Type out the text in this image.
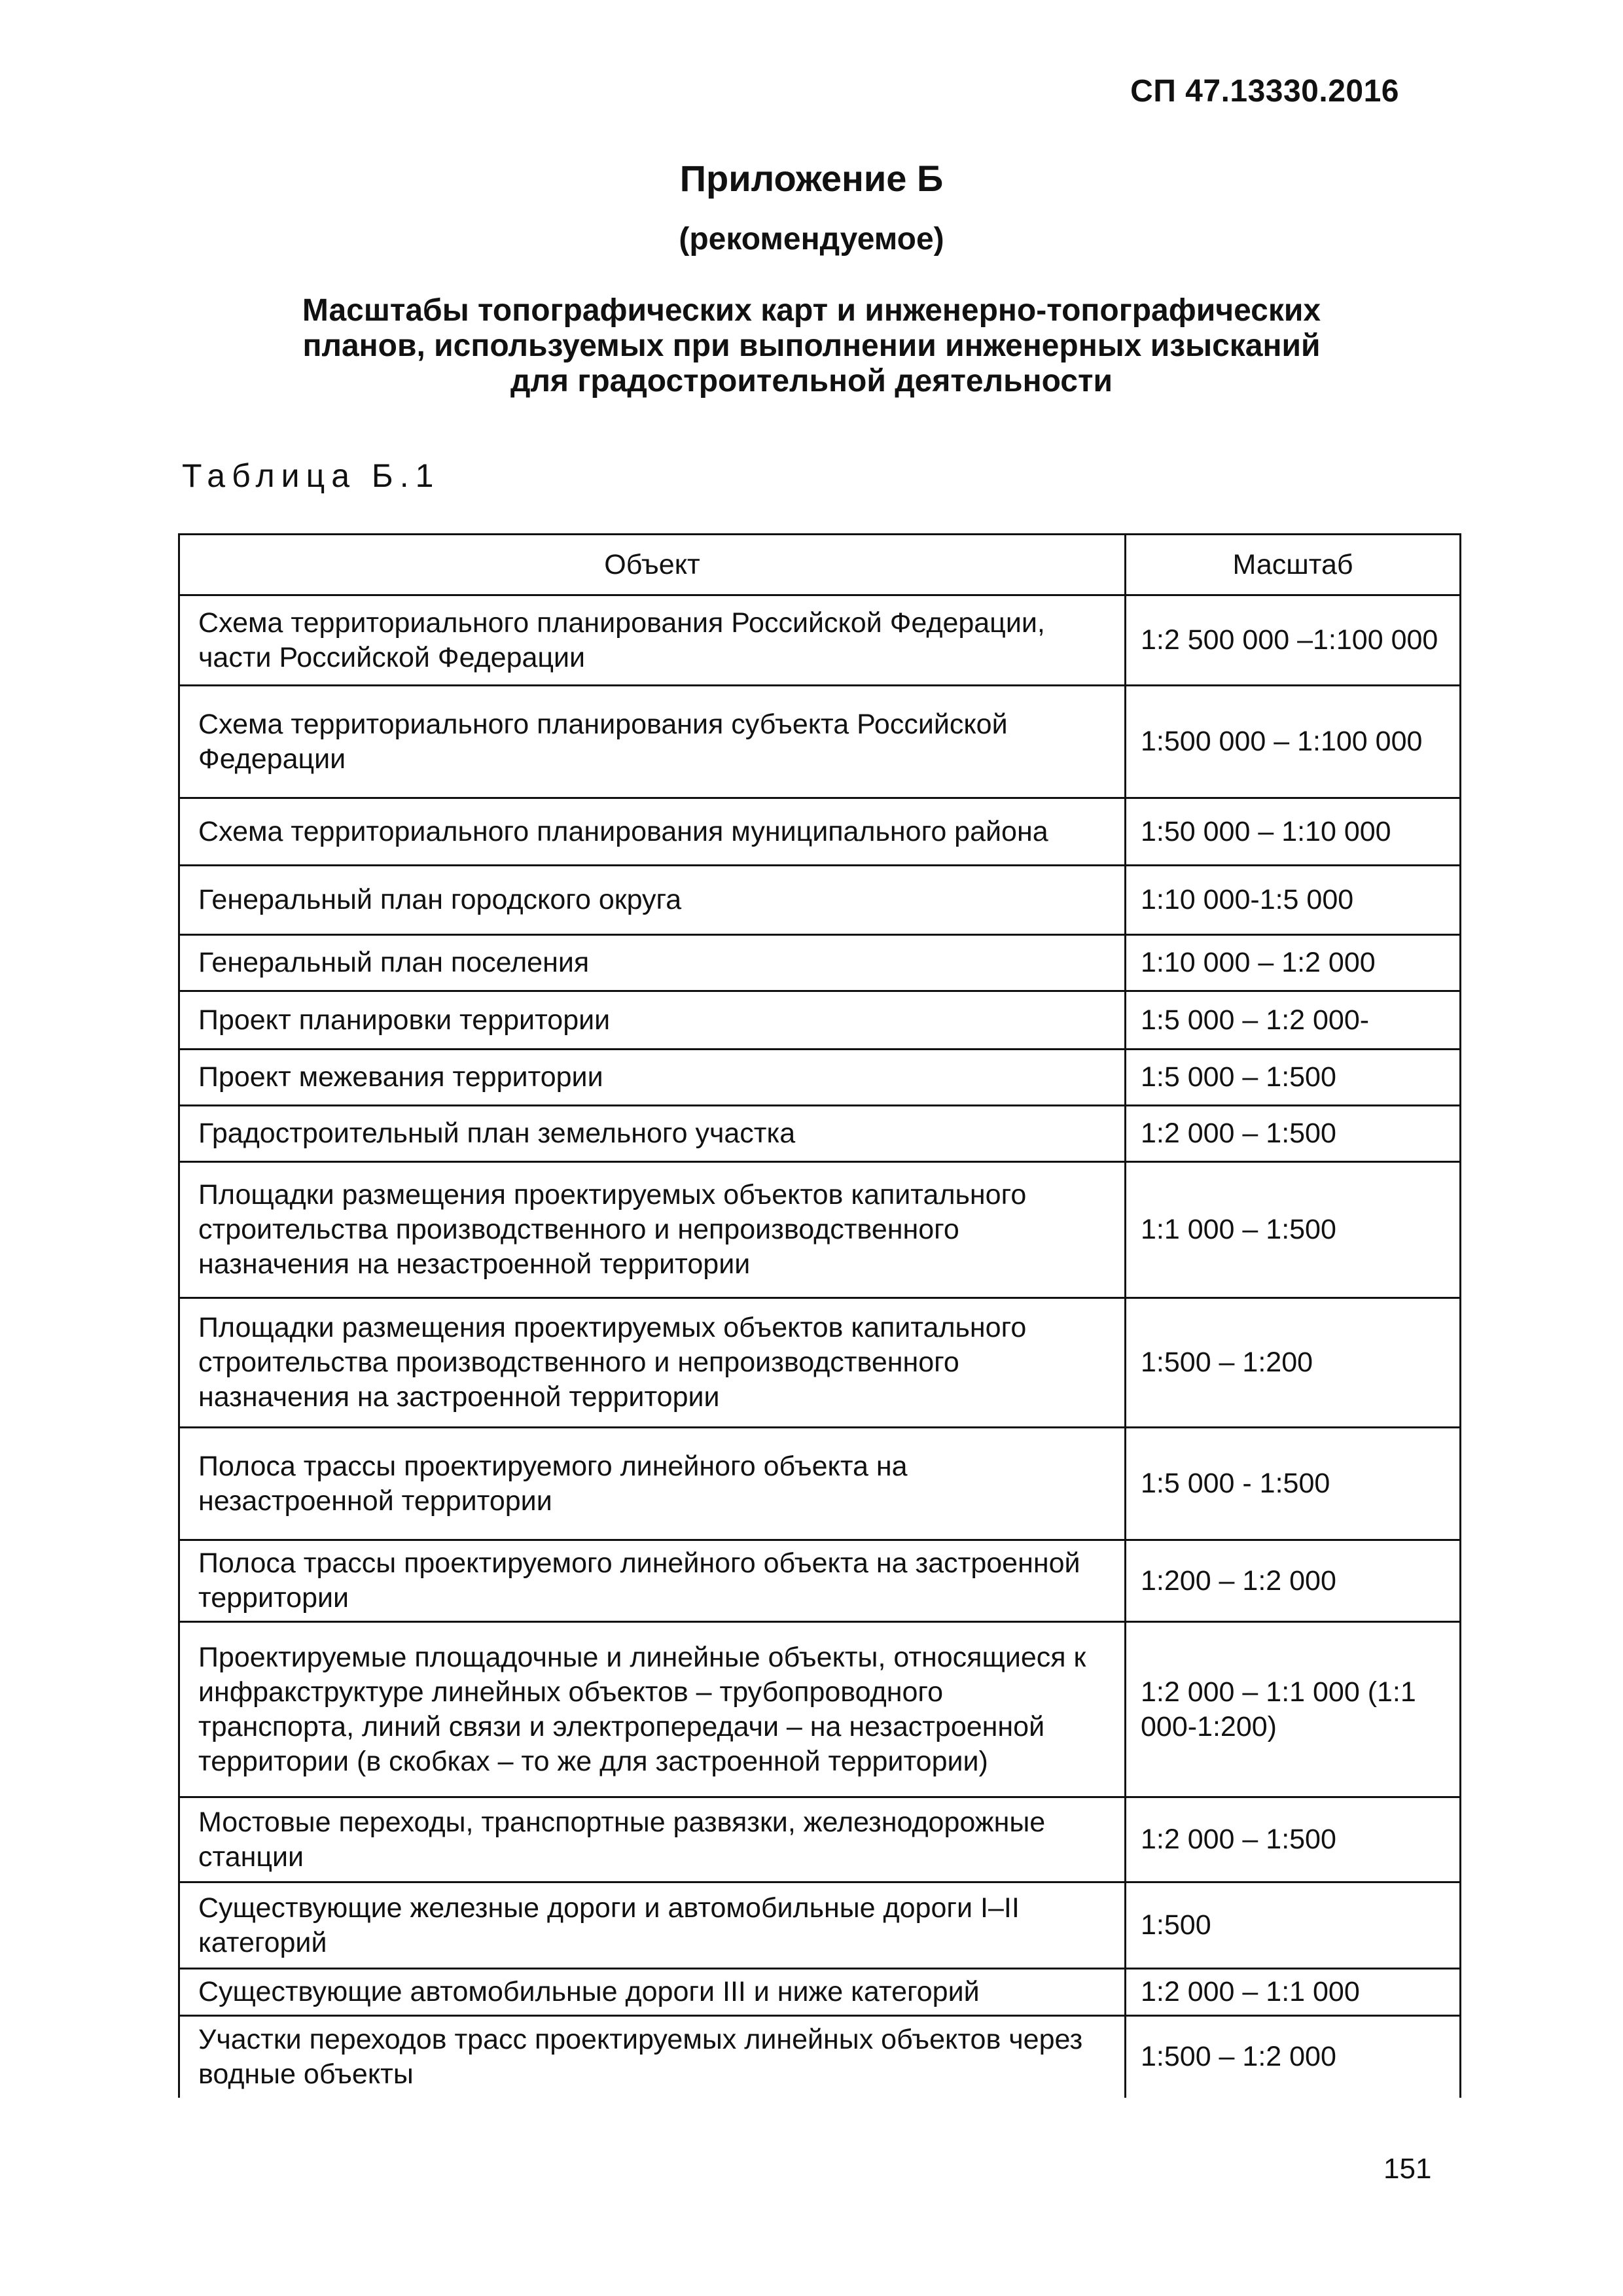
СП 47.13330.2016
Приложение Б
(рекомендуемое)
Масштабы топографических карт и инженерно-топографических
планов, используемых при выполнении инженерных изысканий
для градостроительной деятельности
Таблица Б.1
Объект	Масштаб
Схема территориального планирования Российской Федерации, части Российской Федерации	1:2 500 000 –1:100 000
Схема территориального планирования субъекта Российской Федерации	1:500 000 – 1:100 000
Схема территориального планирования муниципального района	1:50 000 – 1:10 000
Генеральный план городского округа	1:10 000-1:5 000
Генеральный план поселения	1:10 000 – 1:2 000
Проект планировки территории	1:5 000 – 1:2 000-
Проект межевания территории	1:5 000 – 1:500
Градостроительный план земельного участка	1:2 000 – 1:500
Площадки размещения проектируемых объектов капитального строительства производственного и непроизводственного назначения на незастроенной территории	1:1 000 – 1:500
Площадки размещения проектируемых объектов капитального строительства производственного и непроизводственного назначения на застроенной территории	1:500 – 1:200
Полоса трассы проектируемого линейного объекта на незастроенной территории	1:5 000 - 1:500
Полоса трассы проектируемого линейного объекта на застроенной территории	1:200 – 1:2 000
Проектируемые площадочные и линейные объекты, относящиеся к инфракструктуре линейных объектов – трубопроводного транспорта, линий связи и электропередачи – на незастроенной территории (в скобках – то же для застроенной территории)	1:2 000 – 1:1 000 (1:1 000-1:200)
Мостовые переходы, транспортные развязки, железнодорожные станции	1:2 000 – 1:500
Существующие железные дороги и автомобильные дороги I–II категорий	1:500
Существующие автомобильные дороги III и ниже категорий	1:2 000 – 1:1 000
Участки переходов трасс проектируемых линейных объектов через водные объекты	1:500 – 1:2 000
151
